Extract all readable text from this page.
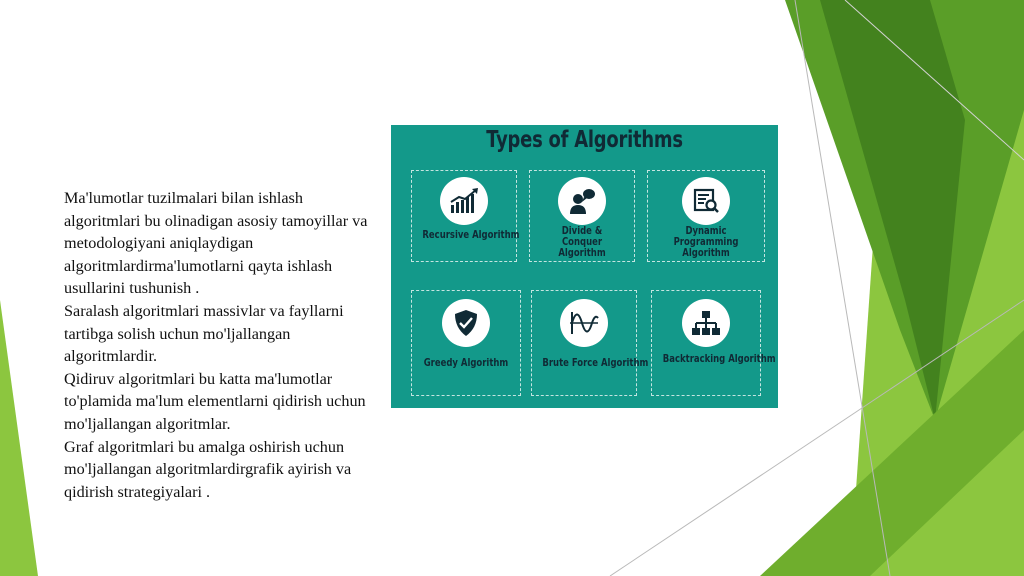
Ma'lumotlar tuzilmalari bilan ishlash algoritmlari bu olinadigan asosiy tamoyillar va metodologiyani aniqlaydigan algoritmlardirma'lumotlarni qayta ishlash usullarini tushunish .

Saralash algoritmlari massivlar va fayllarni tartibga solish uchun mo'ljallangan algoritmlardir.

Qidiruv algoritmlari bu katta ma'lumotlar to'plamida ma'lum elementlarni qidirish uchun mo'ljallangan algoritmlar.

Graf algoritmlari bu amalga oshirish uchun mo'ljallangan algoritmlardirgrafik ayirish va qidirish strategiyalari .

Types of Algorithms
Recursive Algorithm	Divide & Conquer
Algorithm
Dynamic Programming
Algorithm
Greedy Algorithm	Brute Force Algorithm Backtracking Algorithm
